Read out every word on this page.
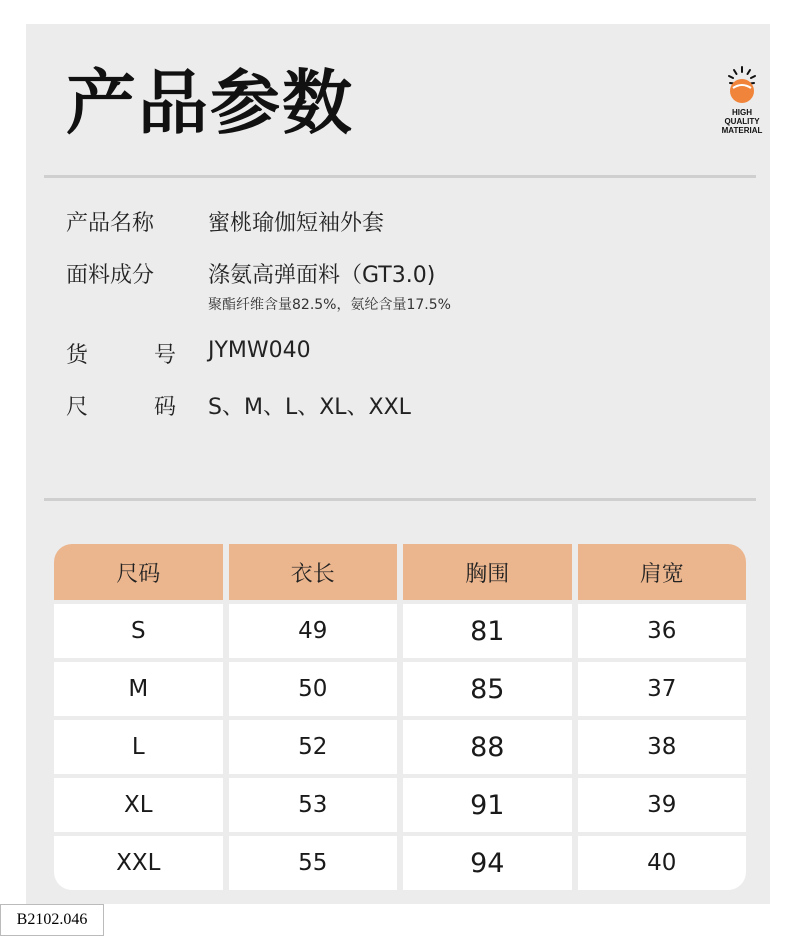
产品参数	HIGH
QUALITY
MATERIAL
产品名称	蜜桃瑜伽短袖外套
面料成分	涤氨高弹面料（GT3.0)
聚酯纤维含量82.5%，氨纶含量17.5%
货	号 JYMW040
尺	码 S、M、L、XL、XXL
尺码	衣长	胸围	肩宽
S	49	81	36
M	50	85	37
L	52	88	38
XL	53	91	39
XXL	55	94	40
B2102.046
